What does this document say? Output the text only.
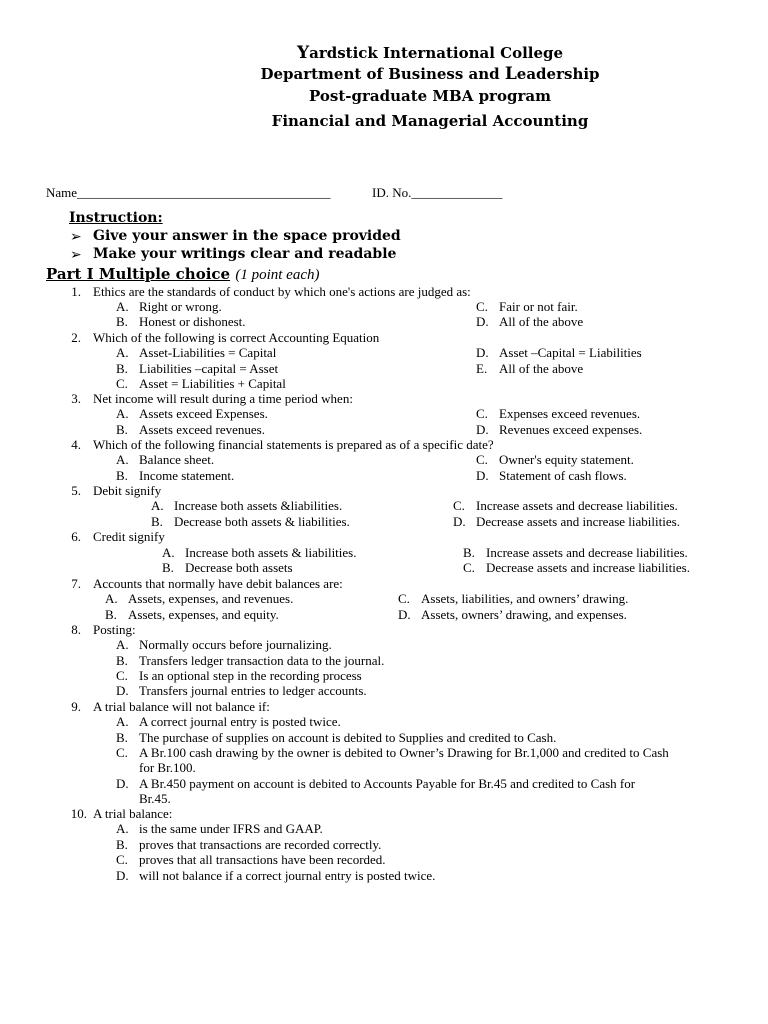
Yardstick International College
Department of Business and Leadership
Post-graduate MBA program
Financial and Managerial Accounting
Name_______________________________________	ID. No.______________
Instruction:
➢ Give your answer in the space provided
➢ Make your writings clear and readable
Part I Multiple choice (1 point each)
1. Ethics are the standards of conduct by which one's actions are judged as:
A. Right or wrong.	C. Fair or not fair.
B. Honest or dishonest.	D. All of the above
2. Which of the following is correct Accounting Equation
A. Asset-Liabilities = Capital	D. Asset –Capital = Liabilities
B. Liabilities –capital = Asset	E. All of the above
C. Asset = Liabilities + Capital
3. Net income will result during a time period when:
A. Assets exceed Expenses.	C. Expenses exceed revenues.
B. Assets exceed revenues.	D. Revenues exceed expenses.
4. Which of the following financial statements is prepared as of a specific date?
A. Balance sheet.	C. Owner's equity statement.
B. Income statement.	D. Statement of cash flows.
5. Debit signify
A. Increase both assets &liabilities.	C. Increase assets and decrease liabilities.
B. Decrease both assets & liabilities.	D. Decrease assets and increase liabilities.
6. Credit signify
A. Increase both assets & liabilities.	B. Increase assets and decrease liabilities.
B. Decrease both assets	C. Decrease assets and increase liabilities.
7. Accounts that normally have debit balances are:
A. Assets, expenses, and revenues.	C. Assets, liabilities, and owners’ drawing.
B. Assets, expenses, and equity.	D. Assets, owners’ drawing, and expenses.
8. Posting:
A. Normally occurs before journalizing.
B. Transfers ledger transaction data to the journal.
C. Is an optional step in the recording process
D. Transfers journal entries to ledger accounts.
9. A trial balance will not balance if:
A. A correct journal entry is posted twice.
B. The purchase of supplies on account is debited to Supplies and credited to Cash.
C. A Br.100 cash drawing by the owner is debited to Owner’s Drawing for Br.1,000 and credited to Cash
for Br.100.
D. A Br.450 payment on account is debited to Accounts Payable for Br.45 and credited to Cash for
Br.45.
10. A trial balance:
A. is the same under IFRS and GAAP.
B. proves that transactions are recorded correctly.
C. proves that all transactions have been recorded.
D. will not balance if a correct journal entry is posted twice.
